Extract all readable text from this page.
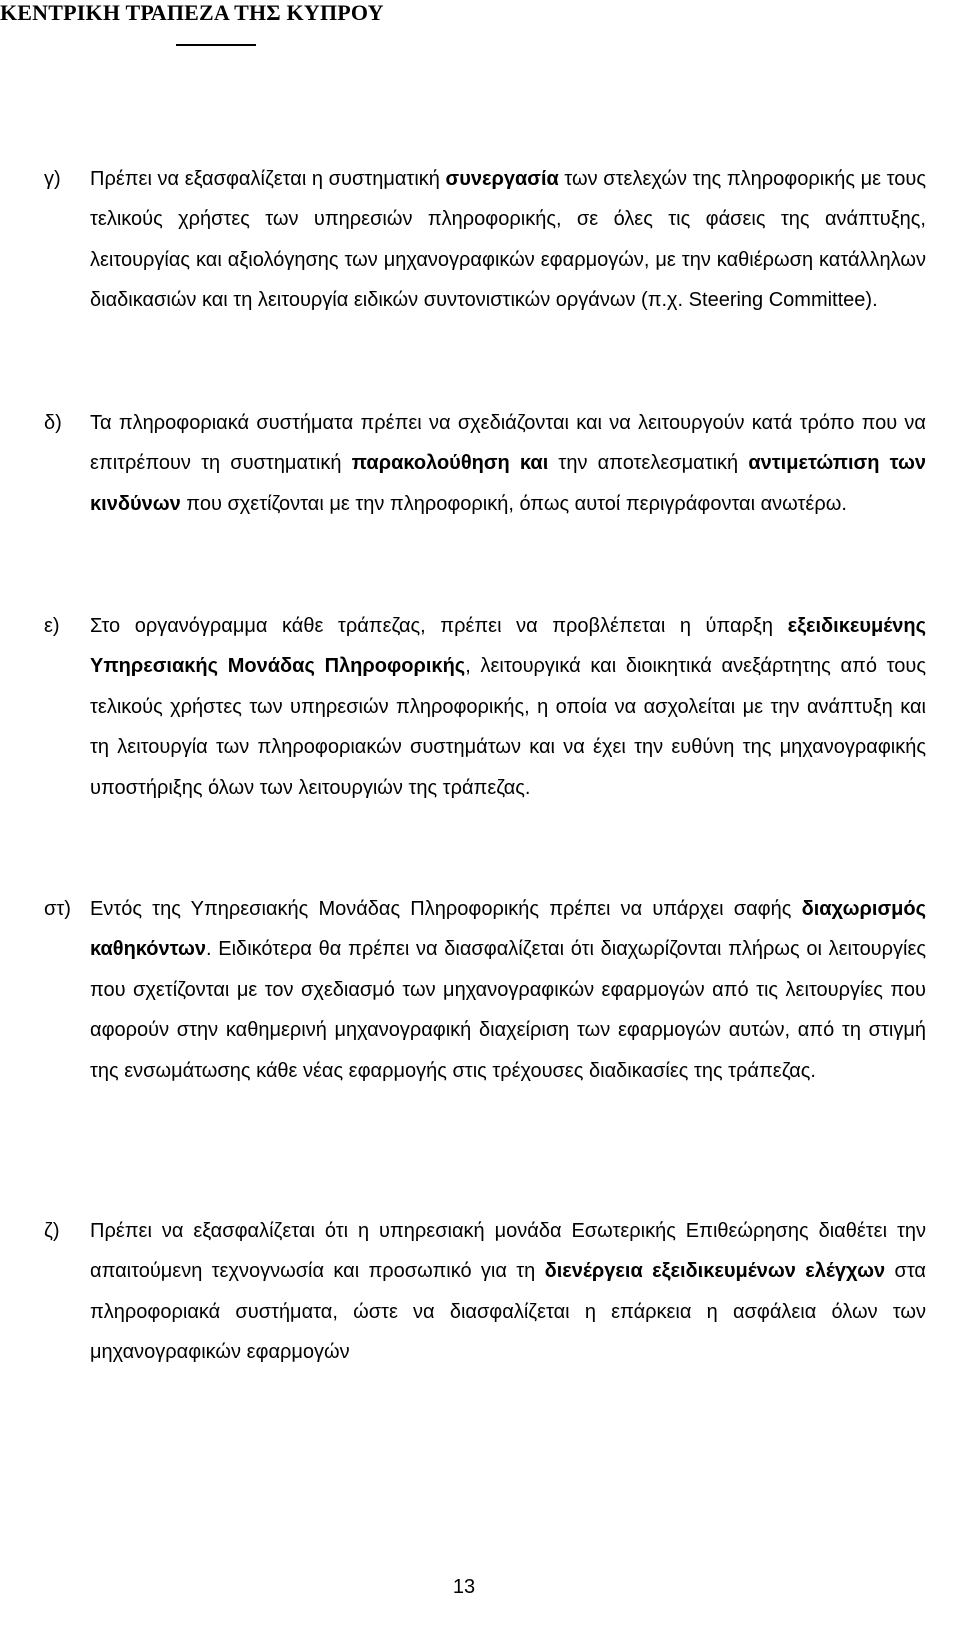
ΚΕΝΤΡΙΚΗ ΤΡΑΠΕΖΑ ΤΗΣ ΚΥΠΡΟΥ
γ) Πρέπει να εξασφαλίζεται η συστηματική συνεργασία των στελεχών της πληροφορικής με τους τελικούς χρήστες των υπηρεσιών πληροφορικής, σε όλες τις φάσεις της ανάπτυξης, λειτουργίας και αξιολόγησης των μηχανογραφικών εφαρμογών, με την καθιέρωση κατάλληλων διαδικασιών και τη λειτουργία ειδικών συντονιστικών οργάνων (π.χ. Steering Committee).

δ) Τα πληροφοριακά συστήματα πρέπει να σχεδιάζονται και να λειτουργούν κατά τρόπο που να επιτρέπουν τη συστηματική παρακολούθηση και την αποτελεσματική αντιμετώπιση των κινδύνων που σχετίζονται με την πληροφορική, όπως αυτοί περιγράφονται ανωτέρω.

ε) Στο οργανόγραμμα κάθε τράπεζας, πρέπει να προβλέπεται η ύπαρξη εξειδικευμένης Υπηρεσιακής Μονάδας Πληροφορικής, λειτουργικά και διοικητικά ανεξάρτητης από τους τελικούς χρήστες των υπηρεσιών πληροφορικής, η οποία να ασχολείται με την ανάπτυξη και τη λειτουργία των πληροφοριακών συστημάτων και να έχει την ευθύνη της μηχανογραφικής υποστήριξης όλων των λειτουργιών της τράπεζας.

στ) Εντός της Υπηρεσιακής Μονάδας Πληροφορικής πρέπει να υπάρχει σαφής διαχωρισμός καθηκόντων. Ειδικότερα θα πρέπει να διασφαλίζεται ότι διαχωρίζονται πλήρως οι λειτουργίες που σχετίζονται με τον σχεδιασμό των μηχανογραφικών εφαρμογών από τις λειτουργίες που αφορούν στην καθημερινή μηχανογραφική διαχείριση των εφαρμογών αυτών, από τη στιγμή της ενσωμάτωσης κάθε νέας εφαρμογής στις τρέχουσες διαδικασίες της τράπεζας.

ζ) Πρέπει να εξασφαλίζεται ότι η υπηρεσιακή μονάδα Εσωτερικής Επιθεώρησης διαθέτει την απαιτούμενη τεχνογνωσία και προσωπικό για τη διενέργεια εξειδικευμένων ελέγχων στα πληροφοριακά συστήματα, ώστε να διασφαλίζεται η επάρκεια η ασφάλεια όλων των μηχανογραφικών εφαρμογών

13
